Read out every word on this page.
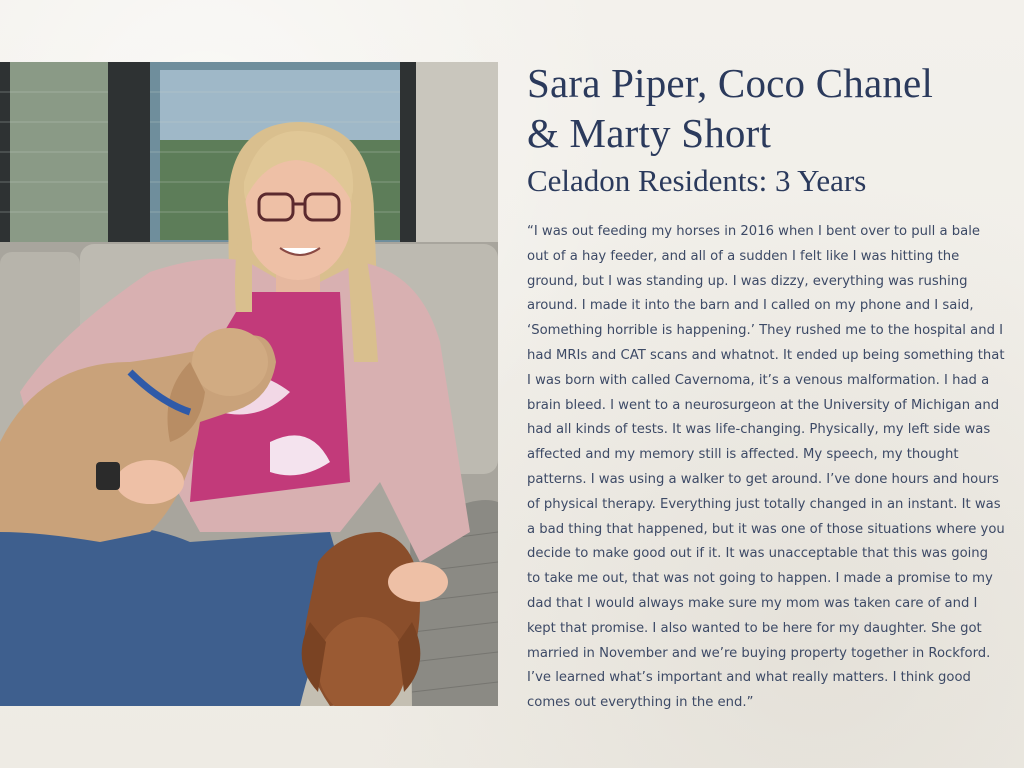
Sara Piper, Coco Chanel
& Marty Short
Celadon Residents: 3 Years

“I was out feeding my horses in 2016 when I bent over to pull a bale out of a hay feeder, and all of a sudden I felt like I was hitting the ground, but I was standing up. I was dizzy, everything was rushing around. I made it into the barn and I called on my phone and I said, ‘Something horrible is happening.’ They rushed me to the hospital and I had MRIs and CAT scans and whatnot. It ended up being something that I was born with called Cavernoma, it’s a venous malformation. I had a brain bleed. I went to a neurosurgeon at the University of Michigan and had all kinds of tests. It was life-changing. Physically, my left side was affected and my memory still is affected. My speech, my thought patterns. I was using a walker to get around. I’ve done hours and hours of physical therapy. Everything just totally changed in an instant. It was a bad thing that happened, but it was one of those situations where you decide to make good out if it. It was unacceptable that this was going to take me out, that was not going to happen. I made a promise to my dad that I would always make sure my mom was taken care of and I kept that promise. I also wanted to be here for my daughter. She got married in November and we’re buying property together in Rockford. I’ve learned what’s important and what really matters. I think good comes out everything in the end.”
